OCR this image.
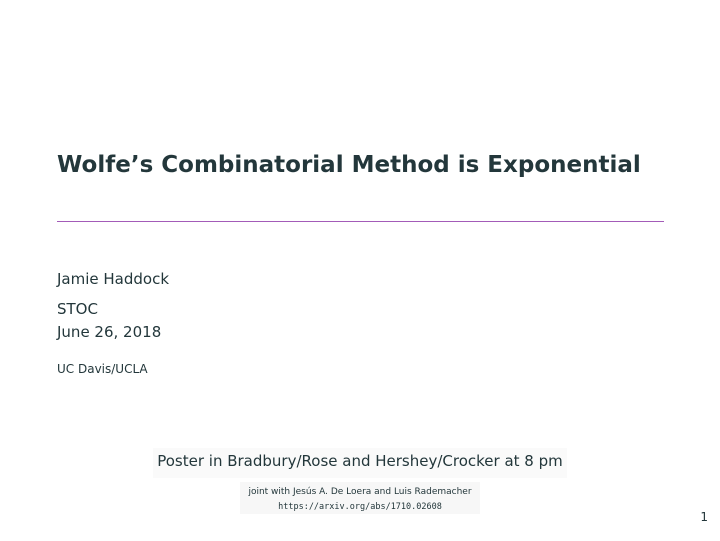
Wolfe’s Combinatorial Method is Exponential
Jamie Haddock
STOC
June 26, 2018
UC Davis/UCLA
Poster in Bradbury/Rose and Hershey/Crocker at 8 pm
joint with Jesús A. De Loera and Luis Rademacher
https://arxiv.org/abs/1710.02608
1
